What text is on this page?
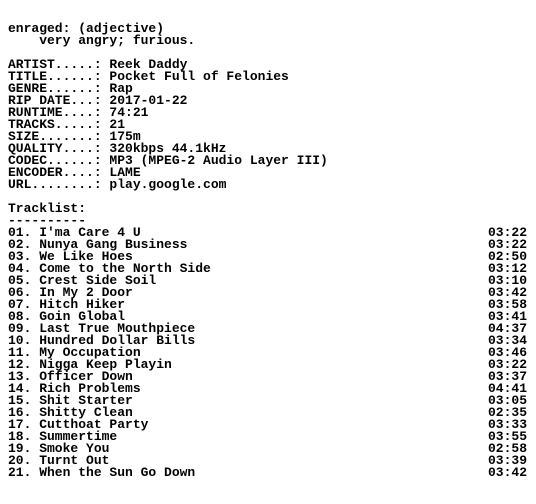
enraged: (adjective)
very angry; furious.
ARTIST.....: Reek Daddy
TITLE......: Pocket Full of Felonies
GENRE......: Rap
RIP DATE...: 2017-01-22
RUNTIME....: 74:21
TRACKS.....: 21
SIZE.......: 175m
QUALITY....: 320kbps 44.1kHz
CODEC......: MP3 (MPEG-2 Audio Layer III)
ENCODER....: LAME
URL........: play.google.com
Tracklist:
----------
01. I'ma Care 4 U	03:22
02. Nunya Gang Business	03:22
03. We Like Hoes	02:50
04. Come to the North Side	03:12
05. Crest Side Soil	03:10
06. In My 2 Door	03:42
07. Hitch Hiker	03:58
08. Goin Global	03:41
09. Last True Mouthpiece	04:37
10. Hundred Dollar Bills	03:34
11. My Occupation	03:46
12. Nigga Keep Playin	03:22
13. Officer Down	03:37
14. Rich Problems	04:41
15. Shit Starter	03:05
16. Shitty Clean	02:35
17. Cutthoat Party	03:33
18. Summertime	03:55
19. Smoke You	02:58
20. Turnt Out	03:39
21. When the Sun Go Down	03:42
